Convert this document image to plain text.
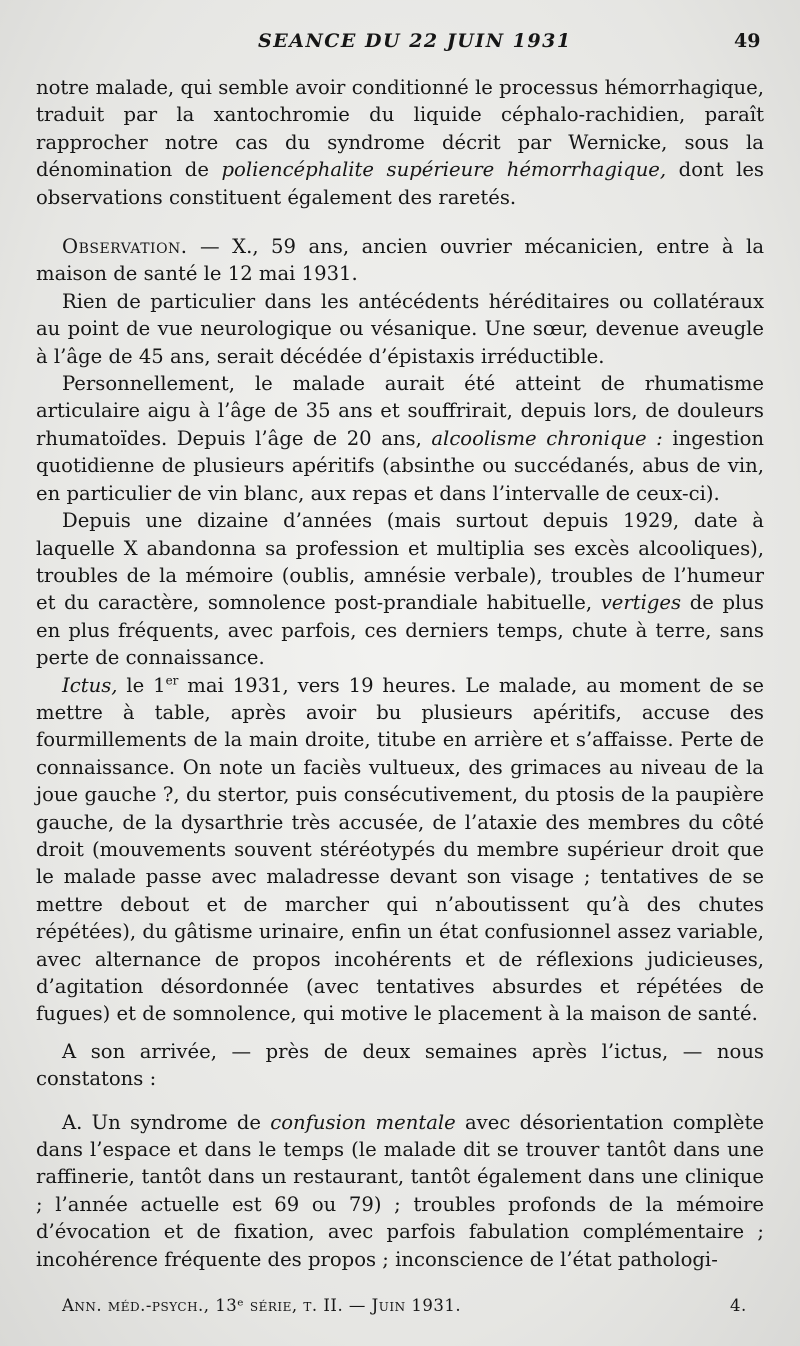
SEANCE DU 22 JUIN 1931	49

notre malade, qui semble avoir conditionné le processus hémorrhagique, traduit par la xantochromie du liquide céphalo-rachidien, paraît rapprocher notre cas du syndrome décrit par Wernicke, sous la dénomination de poliencéphalite supérieure hémorrhagique, dont les observations constituent également des raretés.

Observation. — X., 59 ans, ancien ouvrier mécanicien, entre à la maison de santé le 12 mai 1931.

Rien de particulier dans les antécédents héréditaires ou collatéraux au point de vue neurologique ou vésanique. Une sœur, devenue aveugle à l’âge de 45 ans, serait décédée d’épistaxis irréductible.

Personnellement, le malade aurait été atteint de rhumatisme articulaire aigu à l’âge de 35 ans et souffrirait, depuis lors, de douleurs rhumatoïdes. Depuis l’âge de 20 ans, alcoolisme chronique : ingestion quotidienne de plusieurs apéritifs (absinthe ou succédanés, abus de vin, en particulier de vin blanc, aux repas et dans l’intervalle de ceux-ci).

Depuis une dizaine d’années (mais surtout depuis 1929, date à laquelle X abandonna sa profession et multiplia ses excès alcooliques), troubles de la mémoire (oublis, amnésie verbale), troubles de l’humeur et du caractère, somnolence post-prandiale habituelle, vertiges de plus en plus fréquents, avec parfois, ces derniers temps, chute à terre, sans perte de connaissance.

Ictus, le 1er mai 1931, vers 19 heures. Le malade, au moment de se mettre à table, après avoir bu plusieurs apéritifs, accuse des fourmillements de la main droite, titube en arrière et s’affaisse. Perte de connaissance. On note un faciès vultueux, des grimaces au niveau de la joue gauche ?, du stertor, puis consécutivement, du ptosis de la paupière gauche, de la dysarthrie très accusée, de l’ataxie des membres du côté droit (mouvements souvent stéréotypés du membre supérieur droit que le malade passe avec maladresse devant son visage ; tentatives de se mettre debout et de marcher qui n’aboutissent qu’à des chutes répétées), du gâtisme urinaire, enfin un état confusionnel assez variable, avec alternance de propos incohérents et de réflexions judicieuses, d’agitation désordonnée (avec tentatives absurdes et répétées de fugues) et de somnolence, qui motive le placement à la maison de santé.

A son arrivée, — près de deux semaines après l’ictus, — nous constatons :

A. Un syndrome de confusion mentale avec désorientation complète dans l’espace et dans le temps (le malade dit se trouver tantôt dans une raffinerie, tantôt dans un restaurant, tantôt également dans une clinique ; l’année actuelle est 69 ou 79) ; troubles profonds de la mémoire d’évocation et de fixation, avec parfois fabulation complémentaire ; incohérence fréquente des propos ; inconscience de l’état pathologi-

Ann. méd.-psych., 13ᵉ série, t. II. — Juin 1931.	4.
